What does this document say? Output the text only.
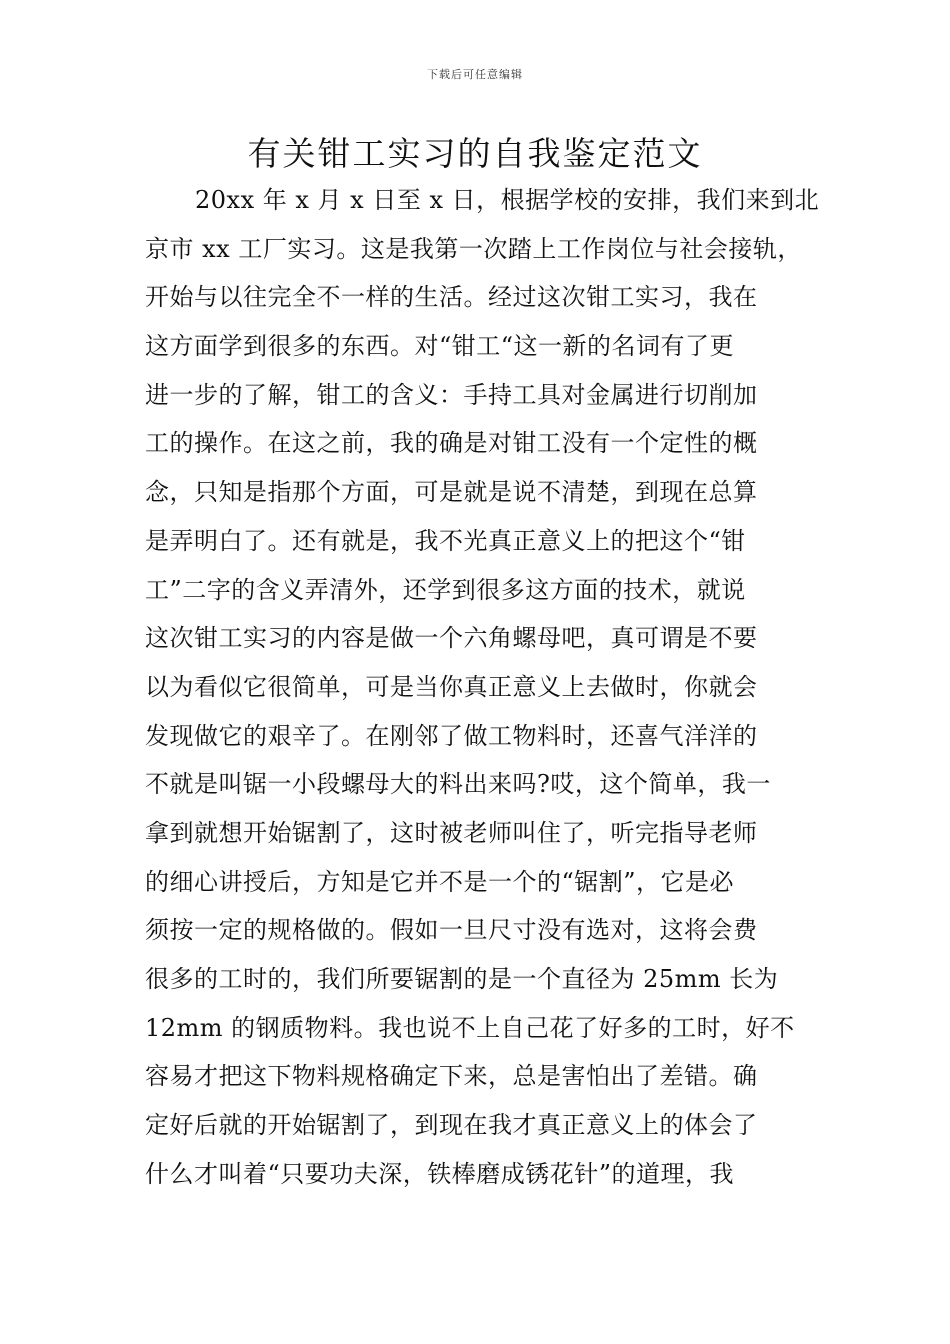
下载后可任意编辑
有关钳工实习的自我鉴定范文
20xx 年 x 月 x 日至 x 日，根据学校的安排，我们来到北
京市 xx 工厂实习。这是我第一次踏上工作岗位与社会接轨，
开始与以往完全不一样的生活。经过这次钳工实习，我在
这方面学到很多的东西。对“钳工“这一新的名词有了更
进一步的了解，钳工的含义：手持工具对金属进行切削加
工的操作。在这之前，我的确是对钳工没有一个定性的概
念，只知是指那个方面，可是就是说不清楚，到现在总算
是弄明白了。还有就是，我不光真正意义上的把这个“钳
工”二字的含义弄清外，还学到很多这方面的技术，就说
这次钳工实习的内容是做一个六角螺母吧，真可谓是不要
以为看似它很简单，可是当你真正意义上去做时，你就会
发现做它的艰辛了。在刚邻了做工物料时，还喜气洋洋的
不就是叫锯一小段螺母大的料出来吗?哎，这个简单，我一
拿到就想开始锯割了，这时被老师叫住了，听完指导老师
的细心讲授后，方知是它并不是一个的“锯割”，它是必
须按一定的规格做的。假如一旦尺寸没有选对，这将会费
很多的工时的，我们所要锯割的是一个直径为 25mm 长为
12mm 的钢质物料。我也说不上自己花了好多的工时，好不
容易才把这下物料规格确定下来，总是害怕出了差错。确
定好后就的开始锯割了，到现在我才真正意义上的体会了
什么才叫着“只要功夫深，铁棒磨成锈花针”的道理，我
